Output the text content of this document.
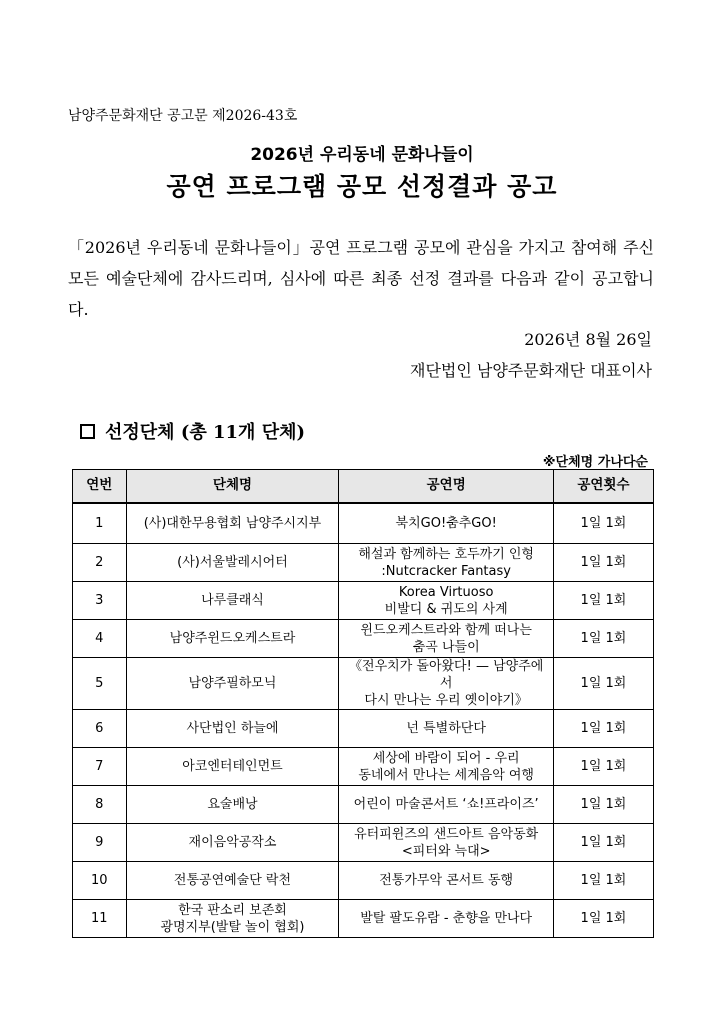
남양주문화재단 공고문 제2026-43호
2026년 우리동네 문화나들이
공연 프로그램 공모 선정결과 공고
「2026년 우리동네 문화나들이」공연 프로그램 공모에 관심을 가지고 참여해 주신 모든 예술단체에 감사드리며, 심사에 따른 최종 선정 결과를 다음과 같이 공고합니다.
2026년 8월 26일
재단법인 남양주문화재단 대표이사
선정단체 (총 11개 단체)
※단체명 가나다순
연번	단체명	공연명	공연횟수
1	(사)대한무용협회 남양주시지부	북치GO!춤추GO!	1일 1회
2	(사)서울발레시어터	해설과 함께하는 호두까기 인형
:Nutcracker Fantasy	1일 1회
3	나루클래식	Korea Virtuoso
비발디 & 귀도의 사계	1일 1회
4	남양주윈드오케스트라	윈드오케스트라와 함께 떠나는
춤곡 나들이	1일 1회
5	남양주필하모닉	《전우치가 돌아왔다! — 남양주에서
다시 만나는 우리 옛이야기》	1일 1회
6	사단법인 하늘에	넌 특별하단다	1일 1회
7	아코엔터테인먼트	세상에 바람이 되어 - 우리
동네에서 만나는 세계음악 여행	1일 1회
8	요술배낭	어린이 마술콘서트 ‘쇼!프라이즈’	1일 1회
9	재이음악공작소	유터피윈즈의 샌드아트 음악동화
<피터와 늑대>	1일 1회
10	전통공연예술단 락천	전통가무악 콘서트 동행	1일 1회
11	한국 판소리 보존회
광명지부(발탈 놀이 협회)	발탈 팔도유람 - 춘향을 만나다	1일 1회
